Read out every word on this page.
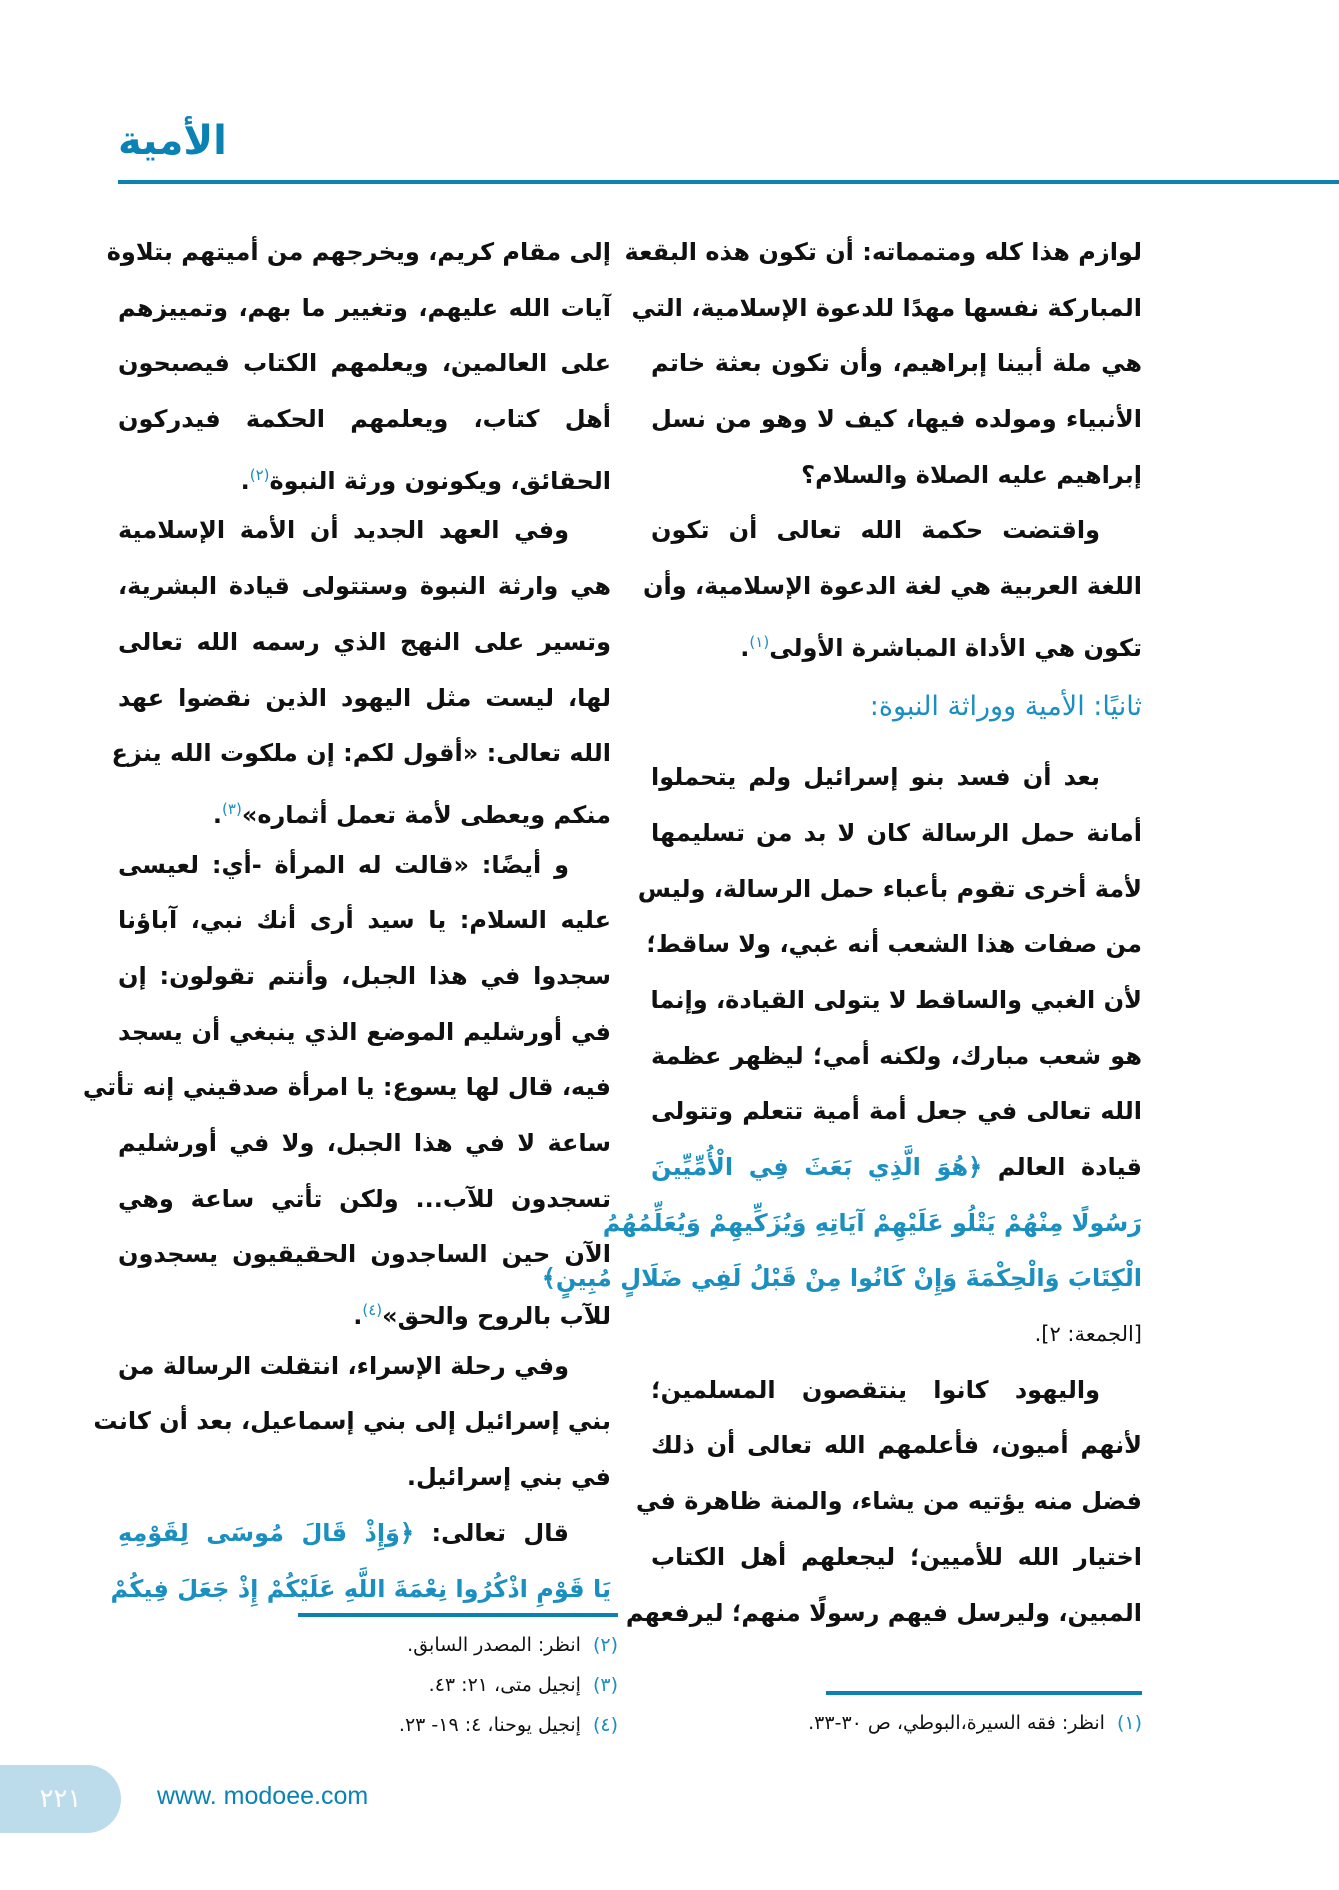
الأمية
لوازم هذا كله ومتمماته: أن تكون هذه البقعة
المباركة نفسها مهدًا للدعوة الإسلامية، التي
هي ملة أبينا إبراهيم، وأن تكون بعثة خاتم
الأنبياء ومولده فيها، كيف لا وهو من نسل
إبراهيم عليه الصلاة والسلام؟
واقتضت حكمة الله تعالى أن تكون
اللغة العربية هي لغة الدعوة الإسلامية، وأن
تكون هي الأداة المباشرة الأولى$^{(١)}$.
ثانيًا: الأمية ووراثة النبوة:
بعد أن فسد بنو إسرائيل ولم يتحملوا
أمانة حمل الرسالة كان لا بد من تسليمها
لأمة أخرى تقوم بأعباء حمل الرسالة، وليس
من صفات هذا الشعب أنه غبي، ولا ساقط؛
لأن الغبي والساقط لا يتولى القيادة، وإنما
هو شعب مبارك، ولكنه أمي؛ ليظهر عظمة
الله تعالى في جعل أمة أمية تتعلم وتتولى
قيادة العالم ﴿هُوَ الَّذِي بَعَثَ فِي الْأُمِّيِّينَ
رَسُولًا مِنْهُمْ يَتْلُو عَلَيْهِمْ آيَاتِهِ وَيُزَكِّيهِمْ وَيُعَلِّمُهُمُ
الْكِتَابَ وَالْحِكْمَةَ وَإِنْ كَانُوا مِنْ قَبْلُ لَفِي ضَلَالٍ مُبِينٍ﴾
[الجمعة: ٢].
واليهود كانوا ينتقصون المسلمين؛
لأنهم أميون، فأعلمهم الله تعالى أن ذلك
فضل منه يؤتيه من يشاء، والمنة ظاهرة في
اختيار الله للأميين؛ ليجعلهم أهل الكتاب
المبين، وليرسل فيهم رسولًا منهم؛ ليرفعهم
إلى مقام كريم، ويخرجهم من أميتهم بتلاوة
آيات الله عليهم، وتغيير ما بهم، وتمييزهم
على العالمين، ويعلمهم الكتاب فيصبحون
أهل كتاب، ويعلمهم الحكمة فيدركون
الحقائق، ويكونون ورثة النبوة$^{(٢)}$.
وفي العهد الجديد أن الأمة الإسلامية
هي وارثة النبوة وستتولى قيادة البشرية،
وتسير على النهج الذي رسمه الله تعالى
لها، ليست مثل اليهود الذين نقضوا عهد
الله تعالى: «أقول لكم: إن ملكوت الله ينزع
منكم ويعطى لأمة تعمل أثماره»$^{(٣)}$.
و أيضًا: «قالت له المرأة -أي: لعيسى
عليه السلام: يا سيد أرى أنك نبي، آباؤنا
سجدوا في هذا الجبل، وأنتم تقولون: إن
في أورشليم الموضع الذي ينبغي أن يسجد
فيه، قال لها يسوع: يا امرأة صدقيني إنه تأتي
ساعة لا في هذا الجبل، ولا في أورشليم
تسجدون للآب... ولكن تأتي ساعة وهي
الآن حين الساجدون الحقيقيون يسجدون
للآب بالروح والحق»$^{(٤)}$.
وفي رحلة الإسراء، انتقلت الرسالة من
بني إسرائيل إلى بني إسماعيل، بعد أن كانت
في بني إسرائيل.
قال تعالى: ﴿وَإِذْ قَالَ مُوسَى لِقَوْمِهِ
يَا قَوْمِ اذْكُرُوا نِعْمَةَ اللَّهِ عَلَيْكُمْ إِذْ جَعَلَ فِيكُمْ
(٢)انظر: المصدر السابق.
(٣)إنجيل متى، ٢١: ٤٣.
(٤)إنجيل يوحنا، ٤: ١٩- ٢٣.	(١)انظر: فقه السيرة،البوطي، ص ٣٠-٣٣.
٢٢١	www. modoee.com
